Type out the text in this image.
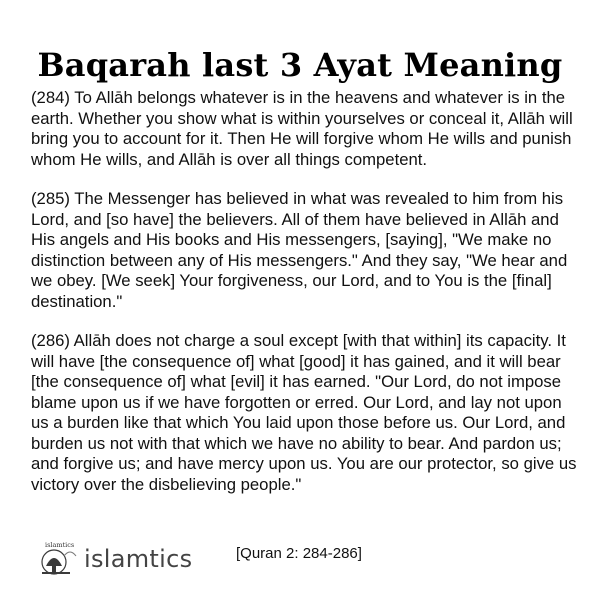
Baqarah last 3 Ayat Meaning

(284) To Allāh belongs whatever is in the heavens and whatever is in the earth. Whether you show what is within yourselves or conceal it, Allāh will bring you to account for it. Then He will forgive whom He wills and punish whom He wills, and Allāh is over all things competent.

(285) The Messenger has believed in what was revealed to him from his Lord, and [so have] the believers. All of them have believed in Allāh and His angels and His books and His messengers, [saying], "We make no distinction between any of His messengers." And they say, "We hear and we obey. [We seek] Your forgiveness, our Lord, and to You is the [final] destination."

(286) Allāh does not charge a soul except [with that within] its capacity. It will have [the consequence of] what [good] it has gained, and it will bear [the consequence of] what [evil] it has earned. "Our Lord, do not impose blame upon us if we have forgotten or erred. Our Lord, and lay not upon us a burden like that which You laid upon those before us. Our Lord, and burden us not with that which we have no ability to bear. And pardon us; and forgive us; and have mercy upon us. You are our protector, so give us victory over the disbelieving people."

islamtics islamtics	[Quran 2: 284-286]
